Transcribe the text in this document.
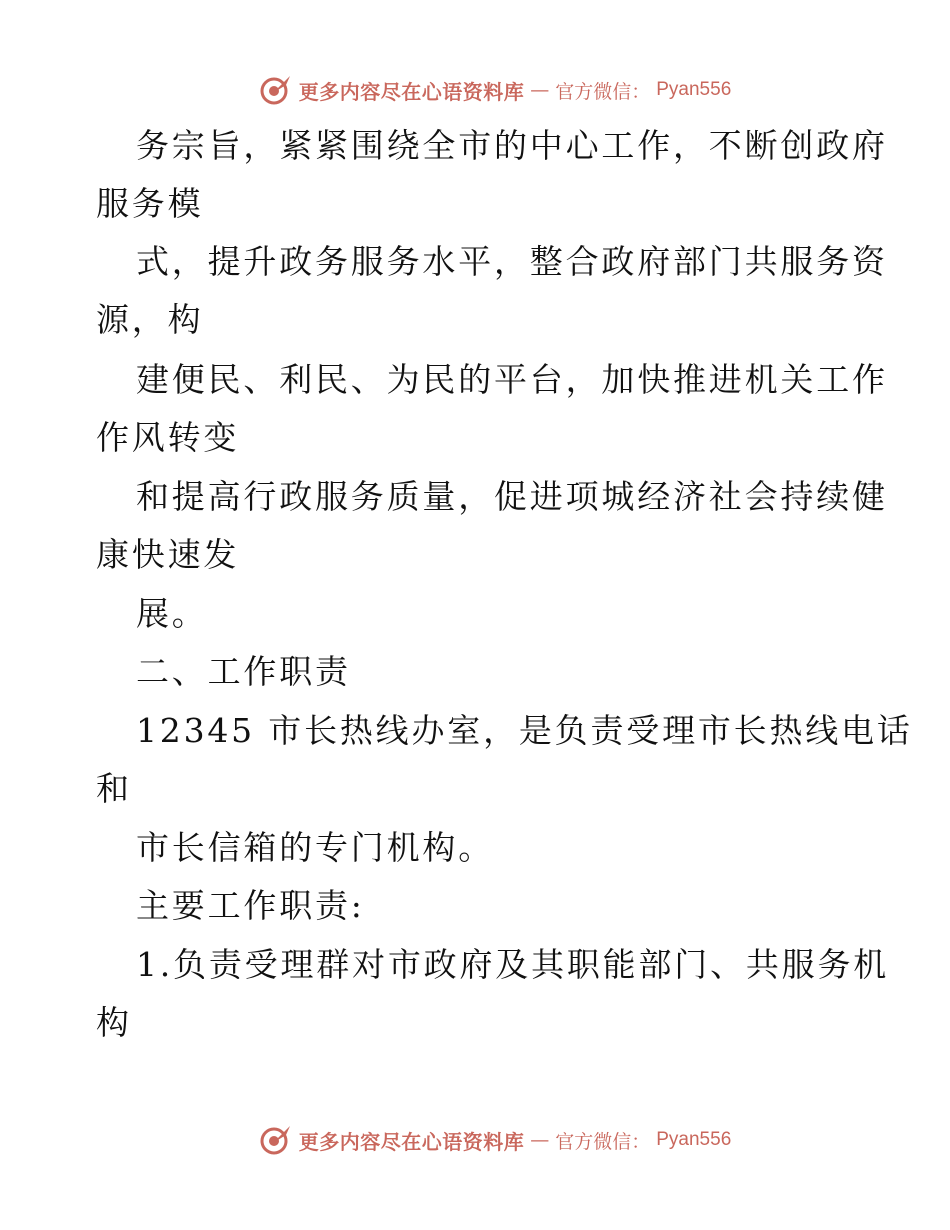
更多内容尽在心语资料库 — 官方微信： Pyan556
务宗旨，紧紧围绕全市的中心工作，不断创政府
服务模
式，提升政务服务水平，整合政府部门共服务资
源，构
建便民、利民、为民的平台，加快推进机关工作
作风转变
和提高行政服务质量，促进项城经济社会持续健
康快速发
展。
二、工作职责
12345 市长热线办室，是负责受理市长热线电话
和
市长信箱的专门机构。
主要工作职责:
1.负责受理群对市政府及其职能部门、共服务机
构
更多内容尽在心语资料库 — 官方微信： Pyan556
